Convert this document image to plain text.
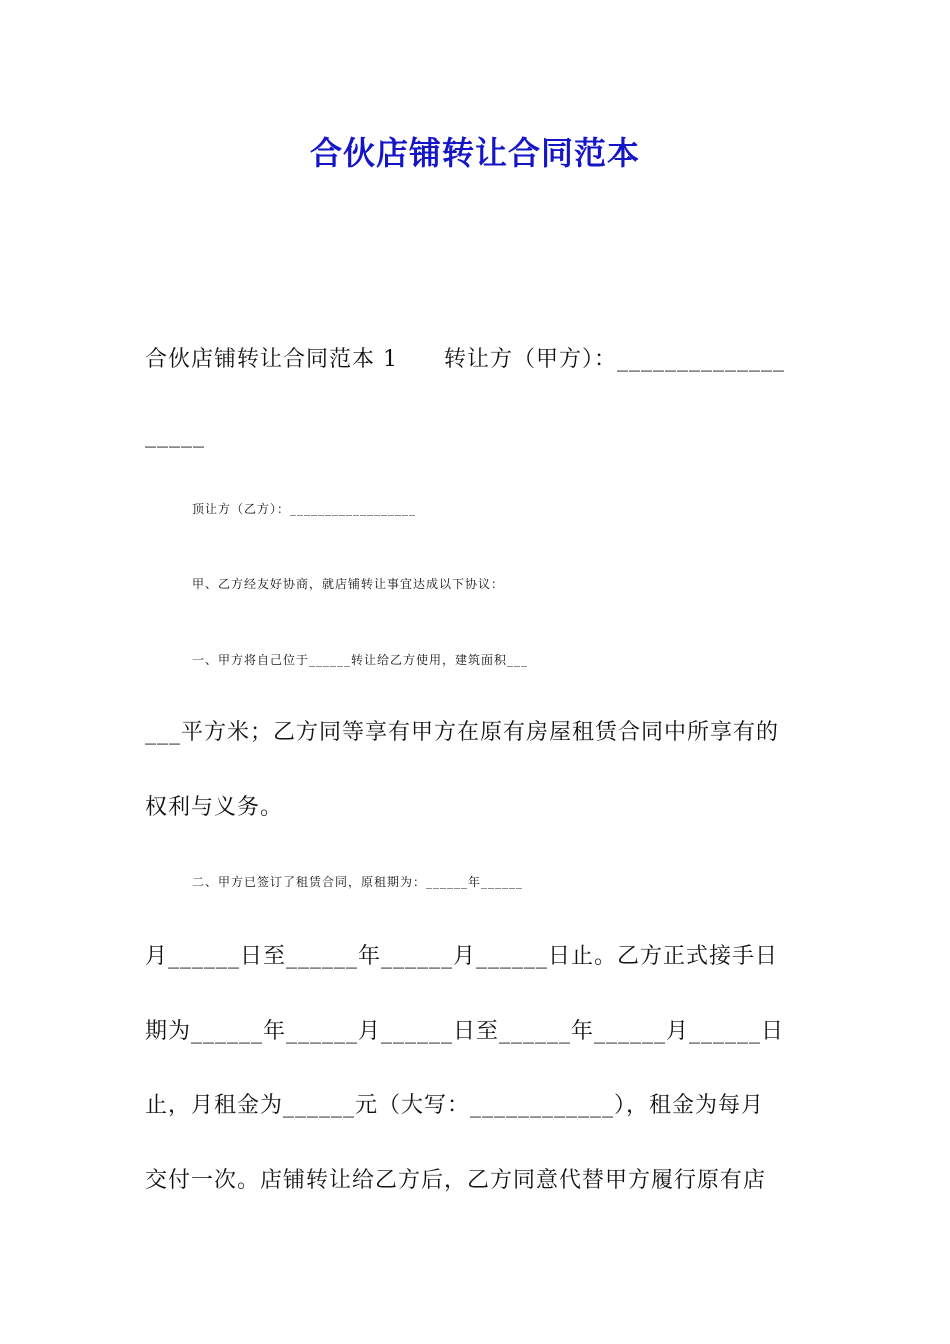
合伙店铺转让合同范本
合伙店铺转让合同范本 1　　转让方（甲方）：______________
_____
顶让方（乙方）：__________________
甲、乙方经友好协商，就店铺转让事宜达成以下协议：
一、甲方将自己位于______转让给乙方使用，建筑面积___
___平方米；乙方同等享有甲方在原有房屋租赁合同中所享有的
权利与义务。
二、甲方已签订了租赁合同，原租期为：______年______
月______日至______年______月______日止。乙方正式接手日
期为______年______月______日至______年______月______日
止，月租金为______元（大写：____________），租金为每月
交付一次。店铺转让给乙方后，乙方同意代替甲方履行原有店
